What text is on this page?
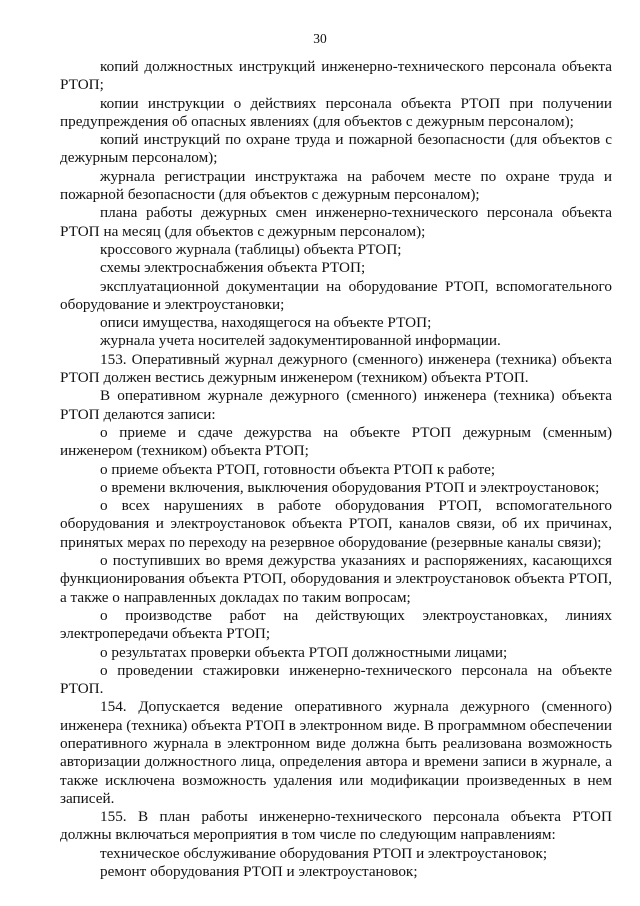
30

копий должностных инструкций инженерно-технического персонала объекта РТОП;

копии инструкции о действиях персонала объекта РТОП при получении предупреждения об опасных явлениях (для объектов с дежурным персоналом);

копий инструкций по охране труда и пожарной безопасности (для объектов с дежурным персоналом);

журнала регистрации инструктажа на рабочем месте по охране труда и пожарной безопасности (для объектов с дежурным персоналом);

плана работы дежурных смен инженерно-технического персонала объекта РТОП на месяц (для объектов с дежурным персоналом);

кроссового журнала (таблицы) объекта РТОП;

схемы электроснабжения объекта РТОП;

эксплуатационной документации на оборудование РТОП, вспомогательного оборудование и электроустановки;

описи имущества, находящегося на объекте РТОП;

журнала учета носителей задокументированной информации.

153. Оперативный журнал дежурного (сменного) инженера (техника) объекта РТОП должен вестись дежурным инженером (техником) объекта РТОП.

В оперативном журнале дежурного (сменного) инженера (техника) объекта РТОП делаются записи:

о приеме и сдаче дежурства на объекте РТОП дежурным (сменным) инженером (техником) объекта РТОП;

о приеме объекта РТОП, готовности объекта РТОП к работе;

о времени включения, выключения оборудования РТОП и электроустановок;

о всех нарушениях в работе оборудования РТОП, вспомогательного оборудования и электроустановок объекта РТОП, каналов связи, об их причинах, принятых мерах по переходу на резервное оборудование (резервные каналы связи);

о поступивших во время дежурства указаниях и распоряжениях, касающихся функционирования объекта РТОП, оборудования и электроустановок объекта РТОП, а также о направленных докладах по таким вопросам;

о производстве работ на действующих электроустановках, линиях электропередачи объекта РТОП;

о результатах проверки объекта РТОП должностными лицами;

о проведении стажировки инженерно-технического персонала на объекте РТОП.

154. Допускается ведение оперативного журнала дежурного (сменного) инженера (техника) объекта РТОП в электронном виде. В программном обеспечении оперативного журнала в электронном виде должна быть реализована возможность авторизации должностного лица, определения автора и времени записи в журнале, а также исключена возможность удаления или модификации произведенных в нем записей.

155. В план работы инженерно-технического персонала объекта РТОП должны включаться мероприятия в том числе по следующим направлениям:

техническое обслуживание оборудования РТОП и электроустановок;

ремонт оборудования РТОП и электроустановок;
